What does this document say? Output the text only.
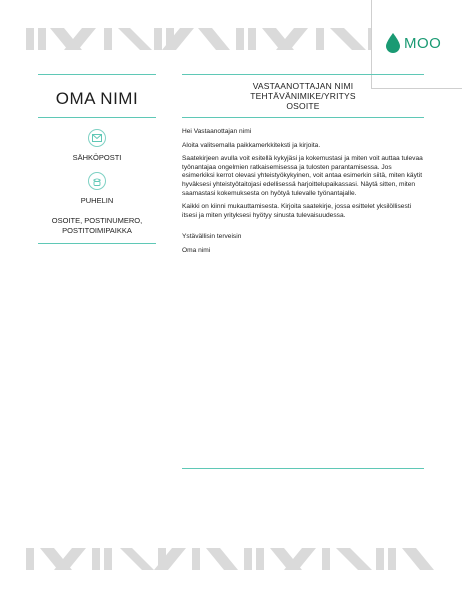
MOO
OMA NIMI
SÄHKÖPOSTI
PUHELIN
OSOITE, POSTINUMERO,
POSTITOIMIPAIKKA
VASTAANOTTAJAN NIMI
TEHTÄVÄNIMIKE/YRITYS
OSOITE

Hei Vastaanottajan nimi

Aloita valitsemalla paikkamerkkiteksti ja kirjoita.

Saatekirjeen avulla voit esitellä kykyjäsi ja kokemustasi ja miten voit auttaa tulevaa työnantajaa ongelmien ratkaisemisessa ja tulosten parantamisessa. Jos esimerkiksi kerrot olevasi yhteistyökykyinen, voit antaa esimerkin siitä, miten käytit hyväksesi yhteistyötaitojasi edellisessä harjoittelupaikassasi. Näytä sitten, miten saamastasi kokemuksesta on hyötyä tulevalle työnantajalle.

Kaikki on kiinni mukauttamisesta. Kirjoita saatekirje, jossa esittelet yksilöllisesti itsesi ja miten yrityksesi hyötyy sinusta tulevaisuudessa.

Ystävällisin terveisin

Oma nimi
